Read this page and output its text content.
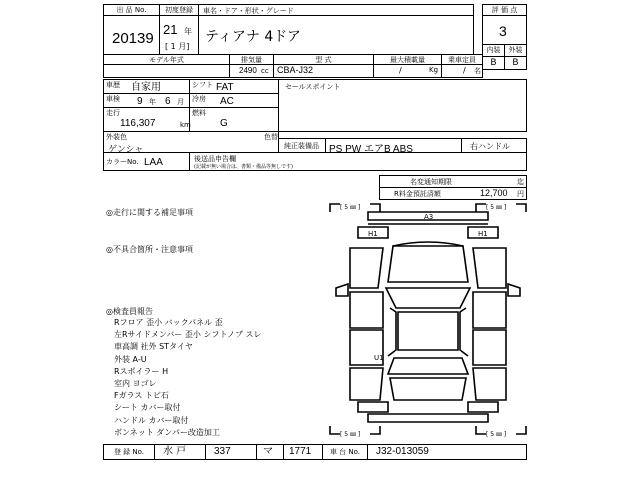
出 品 No.
20139
初度登録
21 年
[ 1 月]
車名・ドア・形状・グレード
ティアナ 4ドア
評 価 点
3
内装	外装
B	B
モデル年式	排気量
2490 cc
型 式
CBA-J32
最大積載量
/	Kg
乗車定員
/ 名
車歴 自家用	シフト FAT
車検 9 年 6 月 冷房 AC
走行
116,307	km
燃料
G
セールスポイント
外装色	色替
ゲンシャ	純正装備品 PS PW エアB ABS	右ハンドル
カラーNo. LAA	後送品申告欄
(記載が無い場合は、書類・備品等無しです)
名変通知期限	迄
R料金預託済額	12,700 円
◎走行に関する補足事項
◎不具合箇所・注意事項
◎検査員報告
Rフロア 歪小 バックパネル 歪
左Rサイドメンバー 歪小 シフトノブ スレ
車高調 社外 STタイヤ
外装 A-U
Rスポイラー H
室内 ヨゴレ
Fガラス トビ石
シート カバー取付
ハンドル カバー取付
ボンネット ダンパー改造加工
[ 5 ㎜ ]	[ 5 ㎜ ]
[ 5 ㎜ ]	[ 5 ㎜ ]
A3
H1	H1
U1
登 録 No.	水 戸	337	マ	1771	車 台 No.	J32-013059
